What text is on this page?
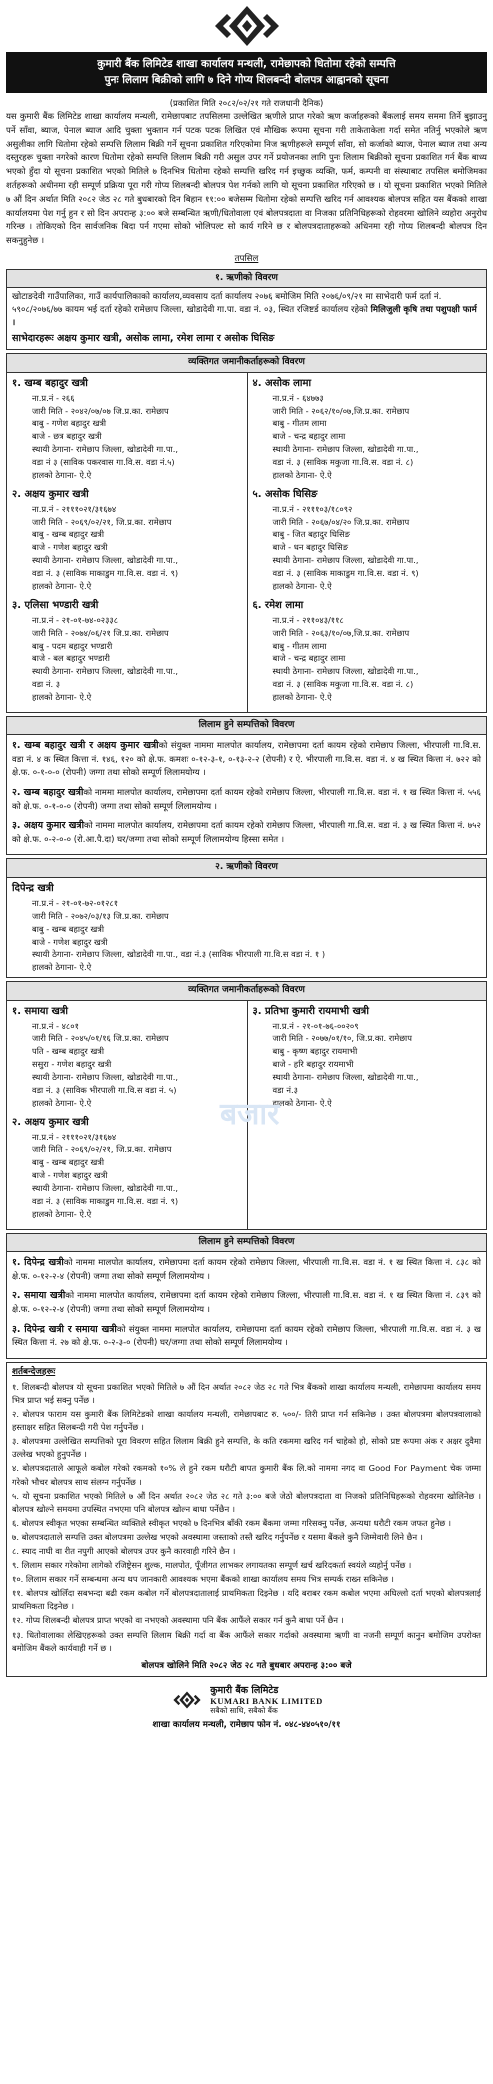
कुमारी बैंक लिमिटेड शाखा कार्यालय मन्थली, रामेछापको धितोमा रहेको सम्पत्ति
पुनः लिलाम बिक्रीको लागि ७ दिने गोप्य शिलबन्दी बोलपत्र आह्वानको सूचना
(प्रकाशित मिति २०८२/०२/२१ गते राजधानी दैनिक)
यस कुमारी बैंक लिमिटेड शाखा कार्यालय मन्थली, रामेछापबाट तपसिलमा उल्लेखित ऋणीले प्राप्त गरेको ऋण कर्जाहरूको बैंकलाई समय सममा तिर्ने बुझाउनु पर्ने साँवा, ब्याज, पेनाल ब्याज आदि चुक्ता भुक्तान गर्न पटक पटक लिखित एवं मौखिक रूपमा सूचना गरी ताकेताकेला गर्दा समेत नतिर्नु भएकोले ऋण असुलीका लागि धितोमा रहेको सम्पत्ति लिलाम बिक्री गर्ने सूचना प्रकाशित गरिएकोमा निज ऋणीहरूले सम्पूर्ण साँवा, सो कर्जाको ब्याज, पेनाल ब्याज तथा अन्य दस्तुरहरू चुक्ता नगरेको कारण धितोमा रहेको सम्पत्ति लिलाम बिक्री गरी असुल उपर गर्ने प्रयोजनका लागि पुनः लिलाम बिक्रीको सूचना प्रकाशित गर्न बैंक बाध्य भएको हुँदा यो सूचना प्रकाशित भएको मितिले ७ दिनभित्र धितोमा रहेको सम्पत्ति खरिद गर्न इच्छुक व्यक्ति, फर्म, कम्पनी वा संस्थाबाट तपसिल बमोजिमका शर्तहरूको अधीनमा रही सम्पूर्ण प्रक्रिया पूरा गरी गोप्य शिलबन्दी बोलपत्र पेश गर्नको लागि यो सूचना प्रकाशित गरिएको छ । यो सूचना प्रकाशित भएको मितिले ७ औं दिन अर्थात मिति २०८२ जेठ २८ गते बुधबारको दिन बिहान ११:०० बजेसम्म धितोमा रहेको सम्पत्ति खरिद गर्न आवश्यक बोलपत्र सहित यस बैंकको शाखा कार्यालयमा पेश गर्नु हुन र सो दिन अपरान्ह ३:०० बजे सम्बन्धित ऋणी/धितोवाला एवं बोलपत्रदाता वा निजका प्रतिनिधिहरूको रोहवरमा खोलिने व्यहोरा अनुरोध गरिन्छ । तोकिएको दिन सार्वजनिक बिदा पर्न गएमा सोको भोलिपल्ट सो कार्य गरिने छ र बोलपत्रदाताहरूको अधिनमा रही गोप्य शिलबन्दी बोलपत्र दिन सकनुहुनेछ ।
तपसिल
१. ऋणीको विवरण
खोटाङदेवी गाउँपालिका, गाउँ कार्यपालिकाको कार्यालय,व्यवसाय दर्ता कार्यालय २०७६ बमोजिम मिति २०७६/०९/२१ मा साभेदारी फर्म दर्ता नं. ५९०८/२०७६/७७ कायम भई दर्ता रहेको रामेछाप जिल्ला, खोडादेवी गा.पा. वडा नं. ०३, स्थित रजिष्टर्ड कार्यालय रहेको मिलिजुली कृषि तथा पशुपक्षी फार्म ।
साभेदारहरूः अक्षय कुमार खत्री, असोक लामा, रमेश लामा र असोक घिसिङ
व्यक्तिगत जमानीकर्ताहरूको विवरण
१. खम्ब बहादुर खत्री
ना.प्र.नं - २६६
जारी मिति - २०४२/०७/०७ जि.प्र.का. रामेछाप
बाबु - गणेश बहादुर खत्री
बाजे - छत्र बहादुर खत्री
स्थायी ठेगाना- रामेछाप जिल्ला, खोडादेवी गा.पा.,
वडा नं ३ (साविक पकरवास गा.वि.स. वडा नं.५)
हालको ठेगाना- ऐ.ऐ
२. अक्षय कुमार खत्री
ना.प्र.नं - २१११०२१/३१६७४
जारी मिति - २०६९/०२/२१, जि.प्र.का. रामेछाप
बाबु - खम्ब बहादुर खत्री
बाजे - गणेश बहादुर खत्री
स्थायी ठेगाना- रामेछाप जिल्ला, खोडादेवी गा.पा.,
वडा नं. ३ (साविक माकाडुम गा.वि.स. वडा नं. ९)
हालको ठेगाना- ऐ.ऐ
३. एलिसा भण्डारी खत्री
ना.प्र.नं - २१-०१-७४-०२३३८
जारी मिति - २०७४/०६/२१ जि.प्र.का. रामेछाप
बाबु - पदम बहादुर भण्डारी
बाजे - बल बहादुर भण्डारी
स्थायी ठेगाना- रामेछाप जिल्ला, खोडादेवी गा.पा.,
वडा नं. ३
हालको ठेगाना- ऐ.ऐ
४. असोक लामा
ना.प्र.नं - ६४७७३
जारी मिति - २०६२/१०/०७,जि.प्र.का. रामेछाप
बाबु - गीतम लामा
बाजे - चन्द्र बहादुर लामा
स्थायी ठेगाना- रामेछाप जिल्ला, खोडादेवी गा.पा.,
वडा नं. ३ (साविक मकुजा गा.वि.स. वडा नं. ८)
हालको ठेगाना- ऐ.ऐ
५. असोक घिसिङ
ना.प्र.नं - २१११०३/१८०९२
जारी मिति - २०६७/०४/२० जि.प्र.का. रामेछाप
बाबु - जित बहादुर घिसिङ
बाजे - धन बहादुर घिसिङ
स्थायी ठेगाना- रामेछाप जिल्ला, खोडादेवी गा.पा.,
वडा नं. ३ (साविक माकाडुम गा.वि.स. वडा नं. ९)
हालको ठेगाना- ऐ.ऐ
६. रमेश लामा
ना.प्र.नं - २११०४३/११८
जारी मिति - २०६३/१०/०७,जि.प्र.का. रामेछाप
बाबु - गीतम लामा
बाजे - चन्द्र बहादुर लामा
स्थायी ठेगाना- रामेछाप जिल्ला, खोडादेवी गा.पा.,
वडा नं. ३ (साविक मकुजा गा.वि.स. वडा नं. ८)
हालको ठेगाना- ऐ.ऐ
लिलाम हुने सम्पत्तिको विवरण
१. खम्ब बहादुर खत्री र अक्षय कुमार खत्रीको संयुक्त नाममा मालपोत कार्यालय, रामेछापमा दर्ता कायम रहेको रामेछाप जिल्ला, भीरपाली गा.वि.स. वडा नं. ४ क स्थित कित्ता नं. १४६, १२० को क्षे.फ. कमशः ०-१२-३-१, ०-१३-२-२ (रोपनी) र ऐ. भीरपाली गा.वि.स. वडा नं. ४ ख स्थित कित्ता नं. ७२२ को क्षे.फ. ०-१-०-० (रोपनी) जग्गा तथा सोको सम्पूर्ण लिलामयोग्य ।
२. खम्ब बहादुर खत्रीको नाममा मालपोत कार्यालय, रामेछापमा दर्ता कायम रहेको रामेछाप जिल्ला, भीरपाली गा.वि.स. वडा नं. १ ख स्थित कित्ता नं. ५५६ को क्षे.फ. ०-१-०-० (रोपनी) जग्गा तथा सोको सम्पूर्ण लिलामयोग्य ।
३. अक्षय कुमार खत्रीको नाममा मालपोत कार्यालय, रामेछापमा दर्ता कायम रहेको रामेछाप जिल्ला, भीरपाली गा.वि.स. वडा नं. ३ ख स्थित कित्ता नं. ७५२ को क्षे.फ. ०-२-०-० (रो.आ.पै.दा) घर/जग्गा तथा सोको सम्पूर्ण लिलामयोग्य हिस्सा समेत ।
२. ऋणीको विवरण
दिपेन्द्र खत्री
ना.प्र.नं - २१-०१-७२-०१२८१
जारी मिति - २०७२/०३/१३ जि.प्र.का. रामेछाप
बाबु - खम्ब बहादुर खत्री
बाजे - गणेश बहादुर खत्री
स्थायी ठेगाना- रामेछाप जिल्ला, खोडादेवी गा.पा., वडा नं.३ (साविक भीरपाली गा.वि.स वडा नं. १ )
हालको ठेगाना- ऐ.ऐ
व्यक्तिगत जमानीकर्ताहरूको विवरण
१. समाया खत्री
ना.प्र.नं - ४८०१
जारी मिति - २०४५/०१/१६ जि.प्र.का. रामेछाप
पति - खम्ब बहादुर खत्री
ससुरा - गणेश बहादुर खत्री
स्थायी ठेगाना- रामेछाप जिल्ला, खोडादेवी गा.पा.,
वडा नं. ३ (साविक भीरपाली गा.वि.स वडा नं. ५)
हालको ठेगाना- ऐ.ऐ
२. अक्षय कुमार खत्री
ना.प्र.नं - २१११०२१/३१६७४
जारी मिति - २०६९/०२/२१, जि.प्र.का. रामेछाप
बाबु - खम्ब बहादुर खत्री
बाजे - गणेश बहादुर खत्री
स्थायी ठेगाना- रामेछाप जिल्ला, खोडादेवी गा.पा.,
वडा नं. ३ (साविक माकाडुम गा.वि.स. वडा नं. ९)
हालको ठेगाना- ऐ.ऐ
३. प्रतिभा कुमारी रायमाभी खत्री
ना.प्र.नं - २१-०१-७६-००२०९
जारी मिति - २०७७/०१/१०, जि.प्र.का. रामेछाप
बाबु - कृष्ण बहादुर रायमाभी
बाजे - हरि बहादुर रायमाभी
स्थायी ठेगाना- रामेछाप जिल्ला, खोडादेवी गा.पा.,
वडा नं.३
हालको ठेगाना- ऐ.ऐ
लिलाम हुने सम्पत्तिको विवरण
१. दिपेन्द्र खत्रीको नाममा मालपोत कार्यालय, रामेछापमा दर्ता कायम रहेको रामेछाप जिल्ला, भीरपाली गा.वि.स. वडा नं. १ ख स्थित कित्ता नं. ८३८ को क्षे.फ. ०-१२-२-४ (रोपनी) जग्गा तथा सोको सम्पूर्ण लिलामयोग्य ।
२. समाया खत्रीको नाममा मालपोत कार्यालय, रामेछापमा दर्ता कायम रहेको रामेछाप जिल्ला, भीरपाली गा.वि.स. वडा नं. १ ख स्थित कित्ता नं. ८३९ को क्षे.फ. ०-१२-२-४ (रोपनी) जग्गा तथा सोको सम्पूर्ण लिलामयोग्य ।
३. दिपेन्द्र खत्री र समाया खत्रीको संयुक्त नाममा मालपोत कार्यालय, रामेछापमा दर्ता कायम रहेको रामेछाप जिल्ला, भीरपाली गा.वि.स. वडा नं. ३ ख स्थित कित्ता नं. २७ को क्षे.फ. ०-२-३-० (रोपनी) घर/जग्गा तथा सोको सम्पूर्ण लिलामयोग्य ।
शर्तबन्देजहरूः
१. शिलबन्दी बोलपत्र यो सूचना प्रकाशित भएको मितिले ७ औं दिन अर्थात २०८२ जेठ २८ गते भित्र बैंकको शाखा कार्यालय मन्थली, रामेछापमा कार्यालय समय भित्र प्राप्त भई सक्नु पर्नेछ ।
२. बोलपत्र फाराम यस कुमारी बैंक लिमिटेडको शाखा कार्यालय मन्थली, रामेछापबाट रु. ५००/- तिरी प्राप्त गर्न सकिनेछ । उक्त बोलपत्रमा बोलपत्रवालाको हस्ताक्षर सहित सिलबन्दी गरी पेश गर्नुपर्नेछ ।
३. बोलपत्रमा उल्लेखित सम्पत्तिको पूरा विवरण सहित लिलाम बिक्री हुने सम्पत्ति, के कति रकममा खरिद गर्न चाहेको हो, सोको प्रष्ट रूपमा अंक र अक्षर दुवैमा उल्लेख भएको हुनुपर्नेछ ।
४. बोलपत्रदाताले आफूले कबोल गरेको रकमको १०% ले हुने रकम धरौटी बापत कुमारी बैंक लि.को नाममा नगद वा Good For Payment चेक जम्मा गरेको भौचर बोलपत्र साथ संलग्न गर्नुपर्नेछ ।
५. यो सूचना प्रकाशित भएको मितिले ७ औं दिन अर्थात २०८२ जेठ २८ गते ३:०० बजे जेठो बोलपत्रदाता वा निजको प्रतिनिधिहरूको रोहवरमा खोलिनेछ । बोलपत्र खोल्ने समयमा उपस्थित नभएमा पनि बोलपत्र खोल्न बाधा पर्नेछैन ।
६. बोलपत्र स्वीकृत भएका सम्बन्धित व्यक्तिले स्वीकृत भएको ७ दिनभित्र बाँकी रकम बैंकमा जम्मा गरिसक्नु पर्नेछ, अन्यथा धरौटी रकम जफत हुनेछ ।
७. बोलपत्रदाताले सम्पत्ति उक्त बोलपत्रमा उल्लेख भएको अवस्थामा जस्ताको तस्तै खरिद गर्नुपर्नेछ र यसमा बैंकले कुनै जिम्मेवारी लिने छैन ।
८. स्याद नाघी वा रीत नपुगी आएको बोलपत्र उपर कुनै कारवाही गरिने छैन ।
९. लिलाम सकार गरेकोमा लागेको रजिष्ट्रेसन शुल्क, मालपोत, पूँजीगत लाभकर लगायतका सम्पूर्ण खर्च खरिदकर्ता स्वयंले व्यहोर्नु पर्नेछ ।
१०. लिलाम सकार गर्ने सम्बन्धमा अन्य थप जानकारी आवश्यक भएमा बैंकको शाखा कार्यालय समय भित्र सम्पर्क राख्न सकिनेछ ।
११. बोलपत्र खोलिँदा सबभन्दा बढी रकम कबोल गर्ने बोलपत्रदातालाई प्राथमिकता दिइनेछ । यदि बराबर रकम कबोल भएमा अघिल्लो दर्ता भएको बोलपत्रलाई प्राथमिकता दिइनेछ ।
१२. गोप्य शिलबन्दी बोलपत्र प्राप्त भएको वा नभएको अवस्थामा पनि बैंक आफैंले सकार गर्न कुनै बाधा पर्ने छैन ।
१३. धितोवालाका लेखिएहरूको उक्त सम्पत्ति लिलाम बिक्री गर्दा वा बैंक आफैंले सकार गर्दाको अवस्थामा ऋणी वा नजनी सम्पूर्ण कानुन बमोजिम उपरोक्त बमोजिम बैंकले कार्यवाही गर्ने छ ।
बोलपत्र खोलिने मिति २०८२ जेठ २८ गते बुधबार अपरान्ह ३:०० बजे
कुमारी बैंक लिमिटेड
KUMARI BANK LIMITED
सबैको साथि, सबैको बैंक
शाखा कार्यालय मन्थली, रामेछाप फोन नं. ०४८-४४०५१०/११
बजार
